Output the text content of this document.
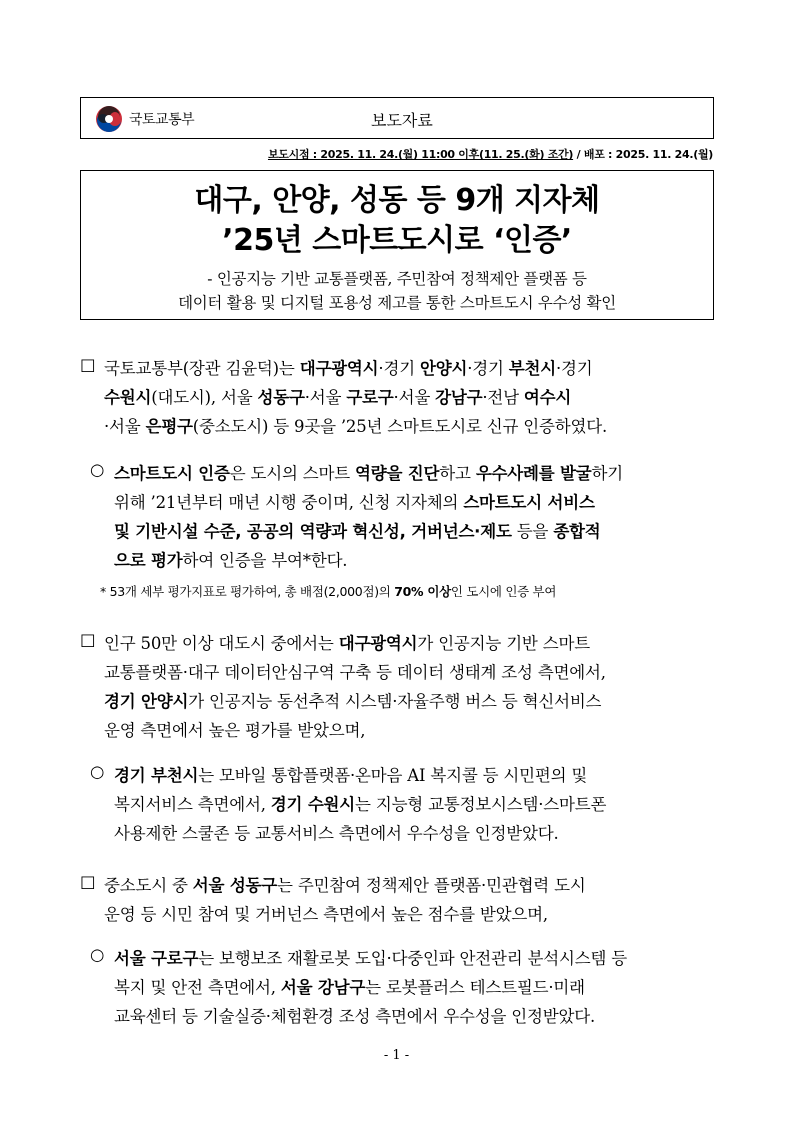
국토교통부	보도자료
보도시점 : 2025. 11. 24.(월) 11:00 이후(11. 25.(화) 조간) / 배포 : 2025. 11. 24.(월)
대구, 안양, 성동 등 9개 지자체
’25년 스마트도시로 ‘인증’
- 인공지능 기반 교통플랫폼, 주민참여 정책제안 플랫폼 등
데이터 활용 및 디지털 포용성 제고를 통한 스마트도시 우수성 확인
□ 국토교통부(장관 김윤덕)는 대구광역시·경기 안양시·경기 부천시·경기
수원시(대도시), 서울 성동구·서울 구로구·서울 강남구·전남 여수시
·서울 은평구(중소도시) 등 9곳을 ’25년 스마트도시로 신규 인증하였다.
○ 스마트도시 인증은 도시의 스마트 역량을 진단하고 우수사례를 발굴하기
위해 ’21년부터 매년 시행 중이며, 신청 지자체의 스마트도시 서비스
및 기반시설 수준, 공공의 역량과 혁신성, 거버넌스·제도 등을 종합적
으로 평가하여 인증을 부여*한다.
* 53개 세부 평가지표로 평가하여, 총 배점(2,000점)의 70% 이상인 도시에 인증 부여
□ 인구 50만 이상 대도시 중에서는 대구광역시가 인공지능 기반 스마트
교통플랫폼·대구 데이터안심구역 구축 등 데이터 생태계 조성 측면에서,
경기 안양시가 인공지능 동선추적 시스템·자율주행 버스 등 혁신서비스
운영 측면에서 높은 평가를 받았으며,
○ 경기 부천시는 모바일 통합플랫폼·온마음 AI 복지콜 등 시민편의 및
복지서비스 측면에서, 경기 수원시는 지능형 교통정보시스템·스마트폰
사용제한 스쿨존 등 교통서비스 측면에서 우수성을 인정받았다.
□ 중소도시 중 서울 성동구는 주민참여 정책제안 플랫폼·민관협력 도시
운영 등 시민 참여 및 거버넌스 측면에서 높은 점수를 받았으며,
○ 서울 구로구는 보행보조 재활로봇 도입·다중인파 안전관리 분석시스템 등
복지 및 안전 측면에서, 서울 강남구는 로봇플러스 테스트필드·미래
교육센터 등 기술실증·체험환경 조성 측면에서 우수성을 인정받았다.
- 1 -
